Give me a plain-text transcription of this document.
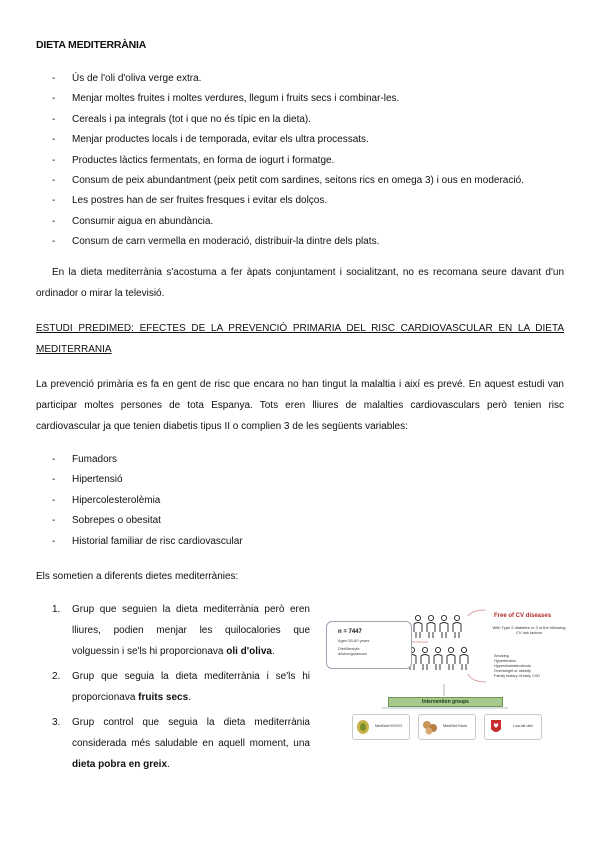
DIETA MEDITERRÀNIA
- Ús de l'oli d'oliva verge extra.
- Menjar moltes fruites i moltes verdures, llegum i fruits secs i combinar-les.
- Cereals i pa integrals (tot i que no és típic en la dieta).
- Menjar productes locals i de temporada, evitar els ultra processats.
- Productes làctics fermentats, en forma de iogurt i formatge.
- Consum de peix abundantment (peix petit com sardines, seitons rics en omega 3) i ous en moderació.
- Les postres han de ser fruites fresques i evitar els dolços.
- Consumir aigua en abundància.
- Consum de carn vermella en moderació, distribuir-la dintre dels plats.

En la dieta mediterrània s'acostuma a fer àpats conjuntament i socialitzant, no es recomana seure davant d'un ordinador o mirar la televisió.

ESTUDI PREDIMED: EFECTES DE LA PREVENCIÓ PRIMARIA DEL RISC CARDIOVASCULAR EN LA DIETA

MEDITERRANIA

La prevenció primària es fa en gent de risc que encara no han tingut la malaltia i així es prevé. En aquest estudi van participar moltes persones de tota Espanya. Tots eren lliures de malalties cardiovasculars però tenien risc cardiovascular ja que tenien diabetis tipus II o complien 3 de les següents variables:

- Fumadors
- Hipertensió
- Hipercolesterolèmia
- Sobrepes o obesitat
- Historial familiar de risc cardiovascular

Els sometien a diferents dietes mediterrànies:

1. Grup que seguien la dieta mediterrània però eren lliures, podien menjar les quilocalories que volguessin i se'ls hi proporcionava oli d'oliva.
2. Grup que seguia la dieta mediterrània i se'ls hi proporcionava fruits secs.
3. Grup control que seguia la dieta mediterrània considerada més saludable en aquell moment, una dieta pobra en greix.
n = 7447
Ages 55-80 years
Diet/lifestyle
advice/guidance
Free of CV diseases
With Type 2 diabetes or 3 of the following CV risk factors
Smoking
Hypertension
Hypercholesterolemia
Overweight or obesity
Family history of early CVD
Intervention groups
MedDiet+EVOO	MedDiet+Nuts	Low-fat diet
